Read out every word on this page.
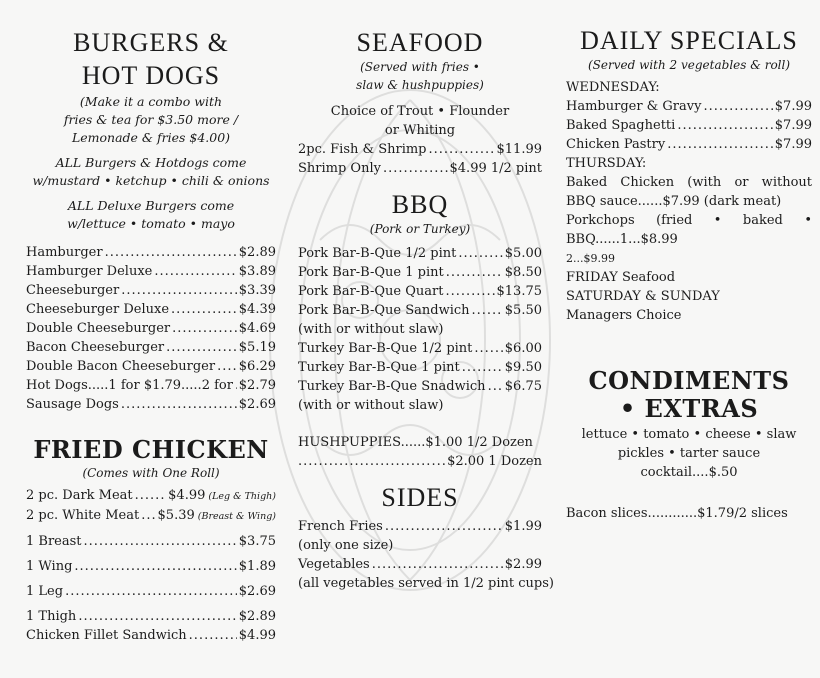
BURGERS &
HOT DOGS
(Make it a combo with
fries & tea for $3.50 more /
Lemonade & fries $4.00)
ALL Burgers & Hotdogs come
w/mustard • ketchup • chili & onions
ALL Deluxe Burgers come
w/lettuce • tomato • mayo
Hamburger .....	$2.89
Hamburger Deluxe .....	$3.89
Cheeseburger .....	$3.39
Cheeseburger Deluxe .....	$4.39
Double Cheeseburger .....	$4.69
Bacon Cheeseburger .....	$5.19
Double Bacon Cheeseburger ..... $6.29
Hot Dogs.....1 for $1.79.....2 for ..... $2.79
Sausage Dogs .....	$2.69
FRIED CHICKEN
(Comes with One Roll)
2 pc. Dark Meat .....	$4.99 (Leg & Thigh)
2 pc. White Meat ..... $5.39 (Breast & Wing)
1 Breast .....	$3.75
1 Wing .....	$1.89
1 Leg .....	$2.69
1 Thigh .....	$2.89
Chicken Fillet Sandwich .....	$4.99
SEAFOOD
(Served with fries •
slaw & hushpuppies)
Choice of Trout • Flounder
or Whiting
2pc. Fish & Shrimp .....	$11.99
Shrimp Only .....	$4.99 1/2 pint
BBQ
(Pork or Turkey)
Pork Bar-B-Que 1/2 pint .....	$5.00
Pork Bar-B-Que 1 pint .....	$8.50
Pork Bar-B-Que Quart .....	$13.75
Pork Bar-B-Que Sandwich .....	$5.50
(with or without slaw)
Turkey Bar-B-Que 1/2 pint ..... $6.00
Turkey Bar-B-Que 1 pint .....	$9.50
Turkey Bar-B-Que Snadwich ..... $6.75
(with or without slaw)
HUSHPUPPIES......$1.00 1/2 Dozen
.....
$2.00 1 Dozen
SIDES
French Fries .....	$1.99
(only one size)
Vegetables .....	$2.99
(all vegetables served in 1/2 pint cups)
DAILY SPECIALS
(Served with 2 vegetables & roll)
WEDNESDAY:
Hamburger & Gravy .....	$7.99
Baked Spaghetti .....	$7.99
Chicken Pastry .....	$7.99
THURSDAY:
Baked Chicken (with or without
BBQ sauce......$7.99 (dark meat)
Porkchops (fried • baked •
BBQ......1...$8.99
2...$9.99
FRIDAY Seafood
SATURDAY & SUNDAY
Managers Choice
CONDIMENTS
• EXTRAS
lettuce • tomato • cheese • slaw
pickles • tarter sauce
cocktail....$.50
Bacon slices............$1.79/2 slices
